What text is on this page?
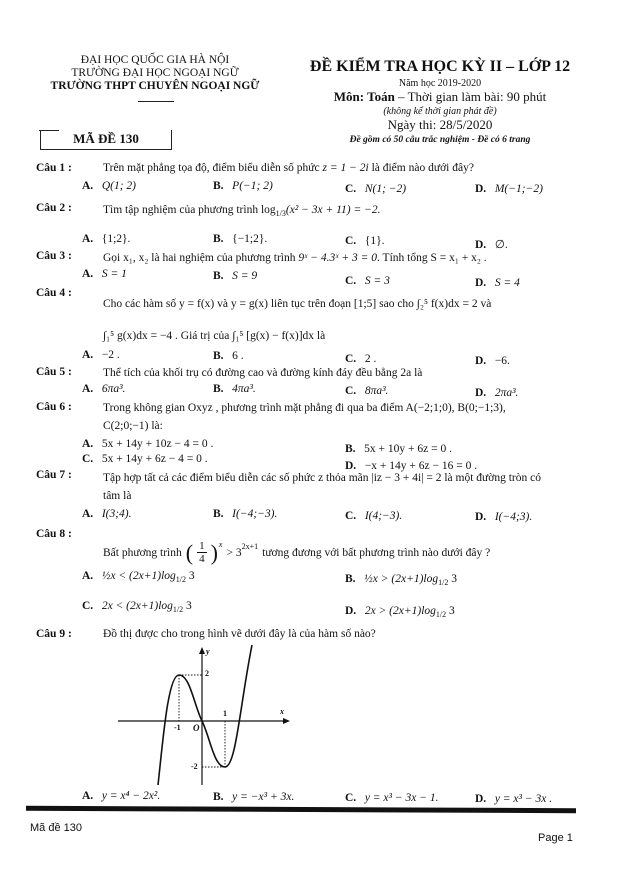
ĐẠI HỌC QUỐC GIA HÀ NỘI
TRƯỜNG ĐẠI HỌC NGOẠI NGỮ
TRƯỜNG THPT CHUYÊN NGOẠI NGỮ
MÃ ĐỀ 130
ĐỀ KIỂM TRA HỌC KỲ II – LỚP 12
Năm học 2019-2020
Môn: Toán – Thời gian làm bài: 90 phút
(không kể thời gian phát đề)
Ngày thi: 28/5/2020
Đề gồm có 50 câu trắc nghiệm - Đề có 6 trang
Câu 1 :	Trên mặt phẳng tọa độ, điểm biểu diễn số phức z = 1 − 2i là điểm nào dưới đây?
A. Q(1; 2)	B. P(−1; 2)	C. N(1; −2)	D. M(−1;−2)
Câu 2 :	Tìm tập nghiệm của phương trình $\log_{1/3}(x^2 - 3x + 11) = -2$.
A. {1;2}.	B. {−1;2}.	C. {1}.	D. ∅.
Câu 3 :	Gọi x₁, x₂ là hai nghiệm của phương trình 9ˣ − 4.3ˣ + 3 = 0. Tính tổng S = x₁ + x₂ .
A. S = 1	B. S = 9	C. S = 3	D. S = 4
Câu 4 :
Cho các hàm số y = f(x) và y = g(x) liên tục trên đoạn [1;5] sao cho ∫₂⁵ f(x)dx = 2 và
∫₁⁵ g(x)dx = −4 . Giá trị của ∫₁⁵ [g(x) − f(x)]dx là
A. −2 .	B. 6 .	C. 2 .	D. −6.
Câu 5 :	Thể tích của khối trụ có đường cao và đường kính đáy đều bằng 2a là
A. 6πa³.	B. 4πa³.	C. 8πa³.	D. 2πa³.
Câu 6 :	Trong không gian Oxyz , phương trình mặt phẳng đi qua ba điểm A(−2;1;0), B(0;−1;3),
C(2;0;−1) là:
A. 5x + 14y + 10z − 4 = 0 .	B. 5x + 10y + 6z = 0 .
C. 5x + 14y + 6z − 4 = 0 .
D. −x + 14y + 6z − 16 = 0 .
Câu 7 :	Tập hợp tất cả các điểm biểu diễn các số phức z thỏa mãn |iz − 3 + 4i| = 2 là một đường tròn có
tâm là
A. I(3;4).	B. I(−4;−3).	C. I(4;−3).	D. I(−4;3).
Câu 8 :
Bất phương trình ( 1
4 ) x
> 3 2x+1 tương đương với bất phương trình nào dưới đây ?
A. ½x < $(2x+1)\log_{1/2}$ 3	B. ½x > $(2x+1)\log_{1/2}$ 3
C. $2x < (2x+1)\log_{1/2}$ 3	D. $2x > (2x+1)\log_{1/2}$ 3
Câu 9 :	Đồ thị được cho trong hình vẽ dưới đây là của hàm số nào?
y
x
O
-1
1
2
-2
A. y = x⁴ − 2x².	B. y = −x³ + 3x.	C. y = x³ − 3x − 1.	D. y = x³ − 3x .
Mã đề 130
Page 1
